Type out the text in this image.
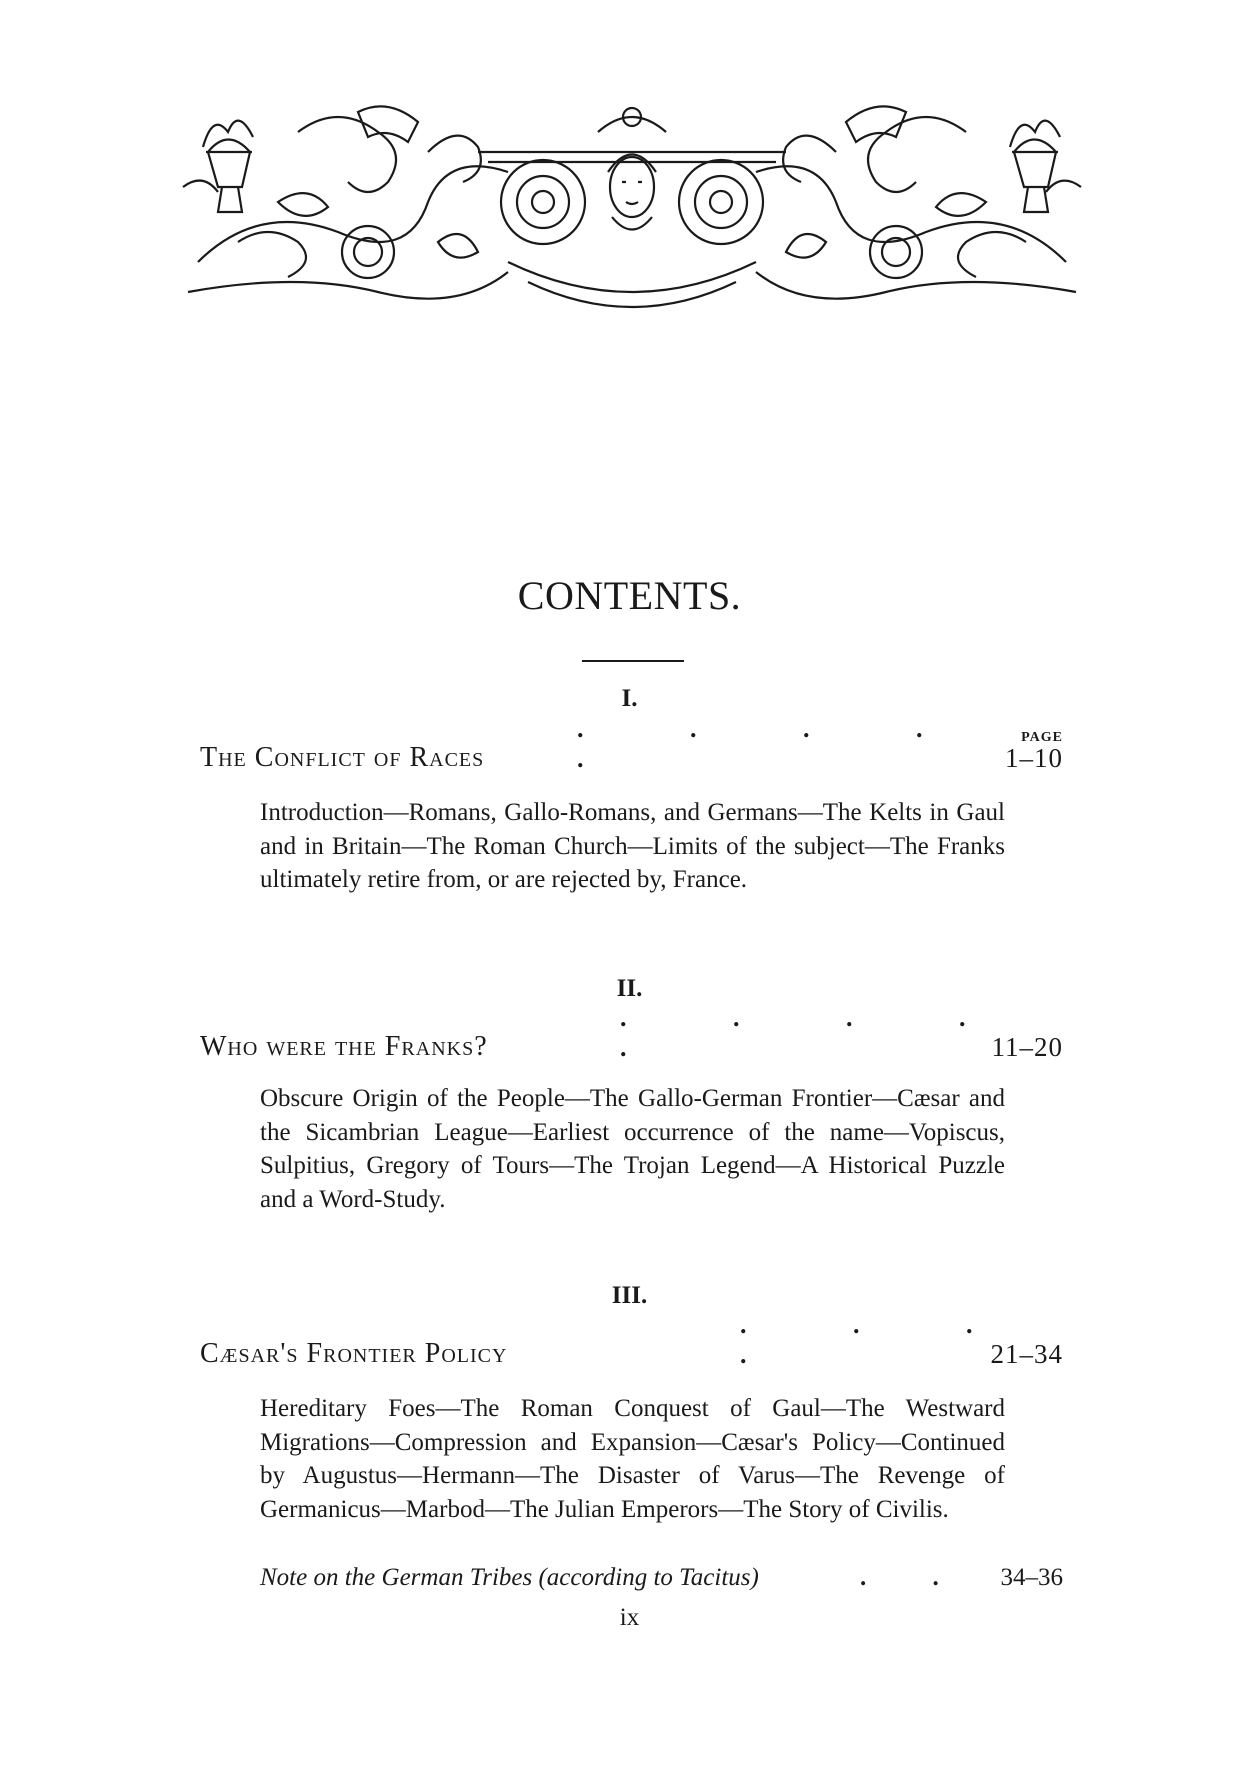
CONTENTS.
I.
PAGE
The Conflict of Races
. . . . .	1–10
Introduction—Romans, Gallo-Romans, and Germans—The Kelts in Gaul and in Britain—The Roman Church—Limits of the subject—The Franks ultimately retire from, or are rejected by, France.
II.
Who were the Franks?
. . . . .	11–20
Obscure Origin of the People—The Gallo-German Frontier—Cæsar and the Sicambrian League—Earliest occurrence of the name—Vopiscus, Sulpitius, Gregory of Tours—The Trojan Legend—A Historical Puzzle and a Word-Study.
III.
Cæsar's Frontier Policy
. . . .	21–34
Hereditary Foes—The Roman Conquest of Gaul—The Westward Migrations—Compression and Expansion—Cæsar's Policy—Continued by Augustus—Hermann—The Disaster of Varus—The Revenge of Germanicus—Marbod—The Julian Emperors—The Story of Civilis.
Note on the German Tribes (according to Tacitus)	. . 34–36
ix
